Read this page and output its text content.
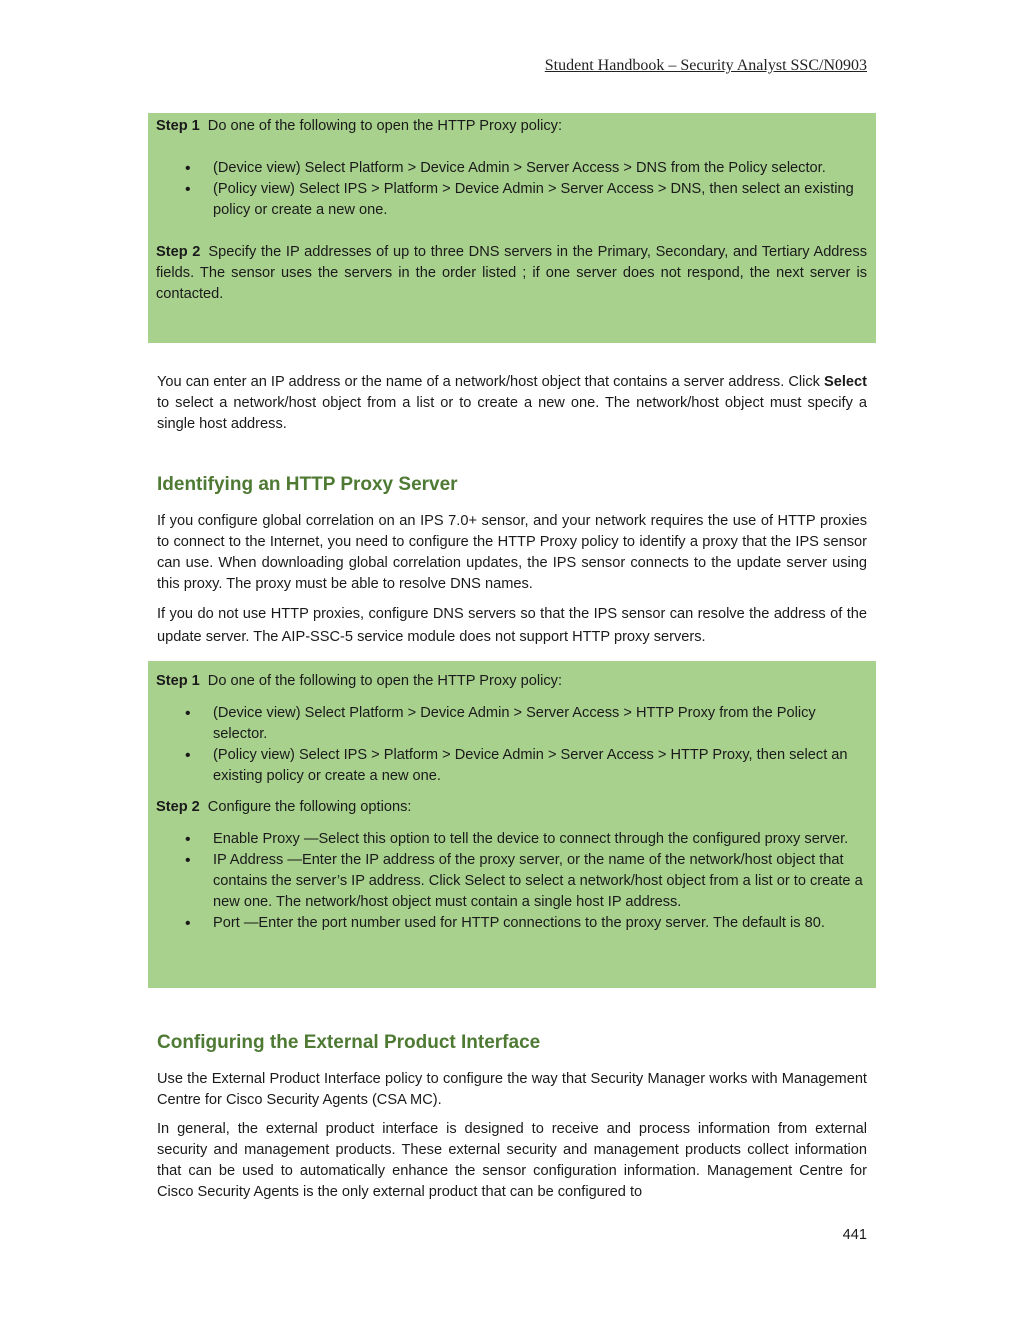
Student Handbook – Security Analyst SSC/N0903

Step 1 Do one of the following to open the HTTP Proxy policy:

• (Device view) Select Platform > Device Admin > Server Access > DNS from the Policy selector.
• (Policy view) Select IPS > Platform > Device Admin > Server Access > DNS, then select an existing policy or create a new one.

Step 2 Specify the IP addresses of up to three DNS servers in the Primary, Secondary, and Tertiary Address fields. The sensor uses the servers in the order listed ; if one server does not respond, the next server is contacted.

You can enter an IP address or the name of a network/host object that contains a server address. Click Select to select a network/host object from a list or to create a new one. The network/host object must specify a single host address.

Identifying an HTTP Proxy Server

If you configure global correlation on an IPS 7.0+ sensor, and your network requires the use of HTTP proxies to connect to the Internet, you need to configure the HTTP Proxy policy to identify a proxy that the IPS sensor can use. When downloading global correlation updates, the IPS sensor connects to the update server using this proxy. The proxy must be able to resolve DNS names.

If you do not use HTTP proxies, configure DNS servers so that the IPS sensor can resolve the address of the update server. The AIP-SSC-5 service module does not support HTTP proxy servers.

Step 1 Do one of the following to open the HTTP Proxy policy:

• (Device view) Select Platform > Device Admin > Server Access > HTTP Proxy from the Policy selector.
• (Policy view) Select IPS > Platform > Device Admin > Server Access > HTTP Proxy, then select an existing policy or create a new one.

Step 2 Configure the following options:

• Enable Proxy —Select this option to tell the device to connect through the configured proxy server.
• IP Address —Enter the IP address of the proxy server, or the name of the network/host object that contains the server’s IP address. Click Select to select a network/host object from a list or to create a new one. The network/host object must contain a single host IP address.
• Port —Enter the port number used for HTTP connections to the proxy server. The default is 80.
Configuring the External Product Interface

Use the External Product Interface policy to configure the way that Security Manager works with Management Centre for Cisco Security Agents (CSA MC).

In general, the external product interface is designed to receive and process information from external security and management products. These external security and management products collect information that can be used to automatically enhance the sensor configuration information. Management Centre for Cisco Security Agents is the only external product that can be configured to

441
